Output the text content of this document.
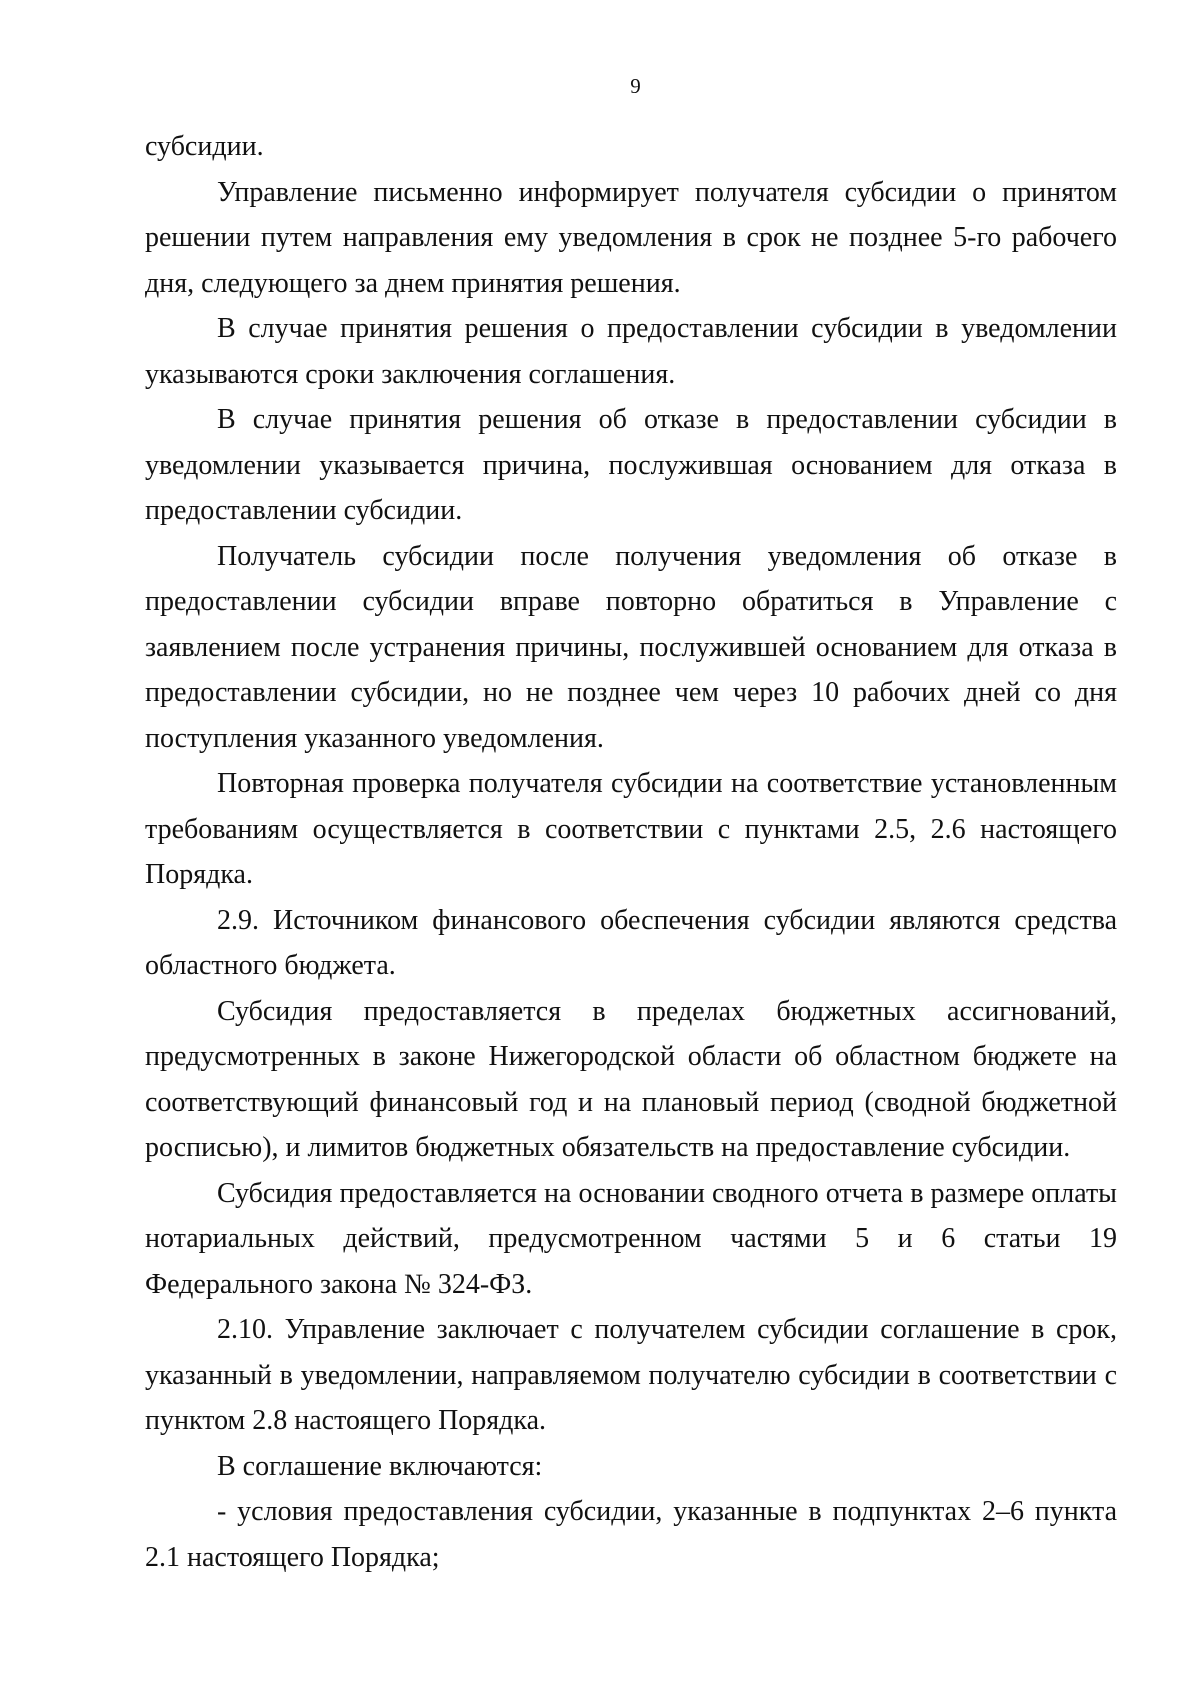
9

субсидии.

Управление письменно информирует получателя субсидии о принятом решении путем направления ему уведомления в срок не позднее 5-го рабочего дня, следующего за днем принятия решения.

В случае принятия решения о предоставлении субсидии в уведомлении указываются сроки заключения соглашения.

В случае принятия решения об отказе в предоставлении субсидии в уведомлении указывается причина, послужившая основанием для отказа в предоставлении субсидии.

Получатель субсидии после получения уведомления об отказе в предоставлении субсидии вправе повторно обратиться в Управление с заявлением после устранения причины, послужившей основанием для отказа в предоставлении субсидии, но не позднее чем через 10 рабочих дней со дня поступления указанного уведомления.

Повторная проверка получателя субсидии на соответствие установленным требованиям осуществляется в соответствии с пунктами 2.5, 2.6 настоящего Порядка.

2.9. Источником финансового обеспечения субсидии являются средства областного бюджета.

Субсидия предоставляется в пределах бюджетных ассигнований, предусмотренных в законе Нижегородской области об областном бюджете на соответствующий финансовый год и на плановый период (сводной бюджетной росписью), и лимитов бюджетных обязательств на предоставление субсидии.

Субсидия предоставляется на основании сводного отчета в размере оплаты нотариальных действий, предусмотренном частями 5 и 6 статьи 19 Федерального закона № 324-ФЗ.

2.10. Управление заключает с получателем субсидии соглашение в срок, указанный в уведомлении, направляемом получателю субсидии в соответствии с пунктом 2.8 настоящего Порядка.

В соглашение включаются:

- условия предоставления субсидии, указанные в подпунктах 2–6 пункта 2.1 настоящего Порядка;
